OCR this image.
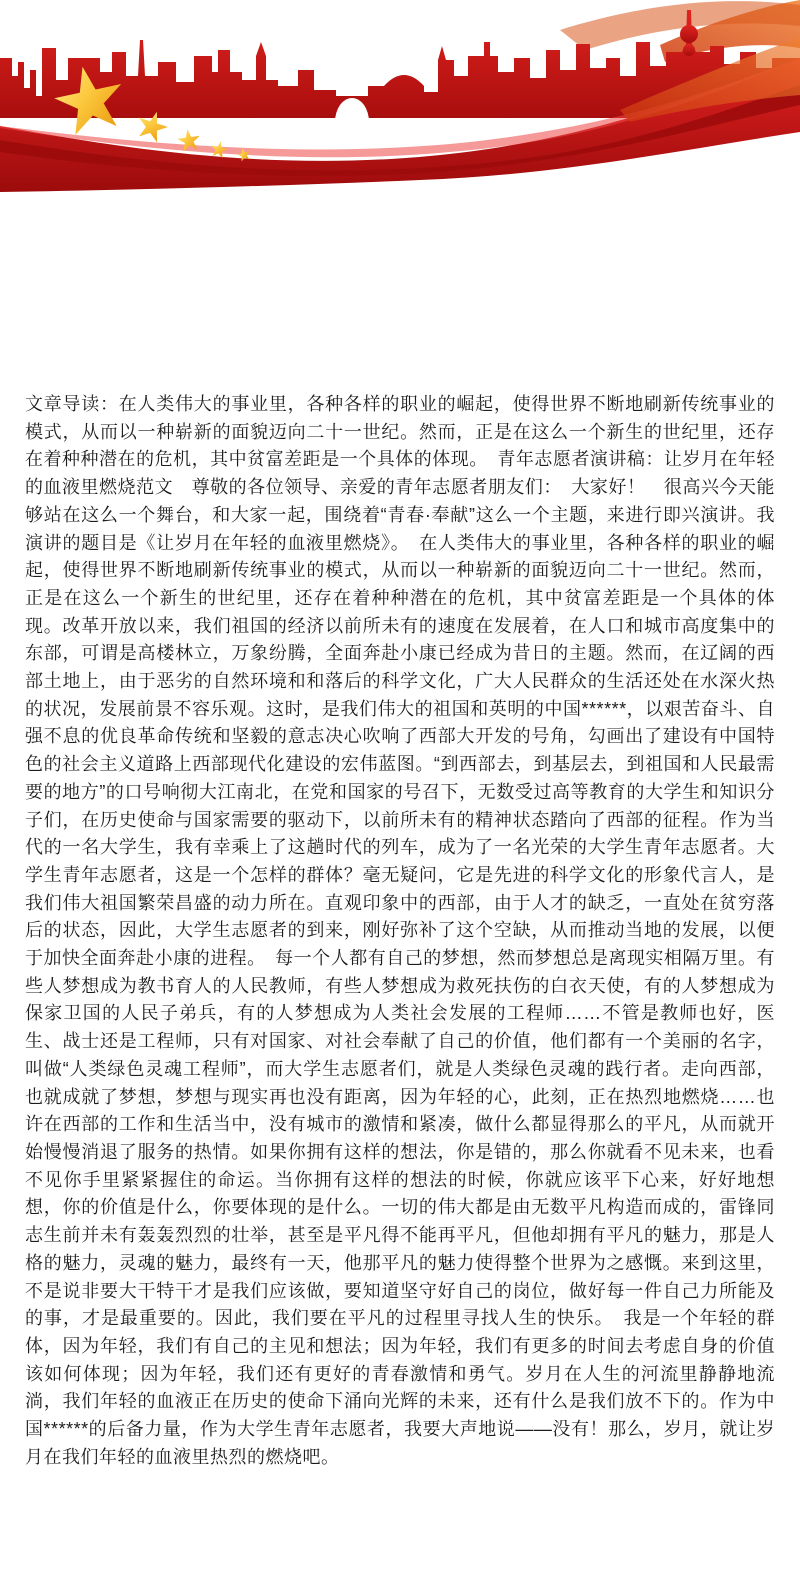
文章导读：在人类伟大的事业里，各种各样的职业的崛起，使得世界不断地刷新传统事业的模式，从而以一种崭新的面貌迈向二十一世纪。然而，正是在这么一个新生的世纪里，还存在着种种潜在的危机，其中贫富差距是一个具体的体现。　青年志愿者演讲稿：让岁月在年轻的血液里燃烧范文　尊敬的各位领导、亲爱的青年志愿者朋友们：　大家好！　很高兴今天能够站在这么一个舞台，和大家一起，围绕着“青春·奉献”这么一个主题，来进行即兴演讲。我演讲的题目是《让岁月在年轻的血液里燃烧》。　在人类伟大的事业里，各种各样的职业的崛起，使得世界不断地刷新传统事业的模式，从而以一种崭新的面貌迈向二十一世纪。然而，正是在这么一个新生的世纪里，还存在着种种潜在的危机，其中贫富差距是一个具体的体现。改革开放以来，我们祖国的经济以前所未有的速度在发展着，在人口和城市高度集中的东部，可谓是高楼林立，万象纷腾，全面奔赴小康已经成为昔日的主题。然而，在辽阔的西部土地上，由于恶劣的自然环境和和落后的科学文化，广大人民群众的生活还处在水深火热的状况，发展前景不容乐观。这时，是我们伟大的祖国和英明的中国******，以艰苦奋斗、自强不息的优良革命传统和坚毅的意志决心吹响了西部大开发的号角，勾画出了建设有中国特色的社会主义道路上西部现代化建设的宏伟蓝图。“到西部去，到基层去，到祖国和人民最需要的地方”的口号响彻大江南北，在党和国家的号召下，无数受过高等教育的大学生和知识分子们，在历史使命与国家需要的驱动下，以前所未有的精神状态踏向了西部的征程。作为当代的一名大学生，我有幸乘上了这趟时代的列车，成为了一名光荣的大学生青年志愿者。大学生青年志愿者，这是一个怎样的群体？毫无疑问，它是先进的科学文化的形象代言人，是我们伟大祖国繁荣昌盛的动力所在。直观印象中的西部，由于人才的缺乏，一直处在贫穷落后的状态，因此，大学生志愿者的到来，刚好弥补了这个空缺，从而推动当地的发展，以便于加快全面奔赴小康的进程。　每一个人都有自己的梦想，然而梦想总是离现实相隔万里。有些人梦想成为教书育人的人民教师，有些人梦想成为救死扶伤的白衣天使，有的人梦想成为保家卫国的人民子弟兵，有的人梦想成为人类社会发展的工程师……不管是教师也好，医生、战士还是工程师，只有对国家、对社会奉献了自己的价值，他们都有一个美丽的名字，叫做“人类绿色灵魂工程师”，而大学生志愿者们，就是人类绿色灵魂的践行者。走向西部，也就成就了梦想，梦想与现实再也没有距离，因为年轻的心，此刻，正在热烈地燃烧……也许在西部的工作和生活当中，没有城市的激情和紧凑，做什么都显得那么的平凡，从而就开始慢慢消退了服务的热情。如果你拥有这样的想法，你是错的，那么你就看不见未来，也看不见你手里紧紧握住的命运。当你拥有这样的想法的时候，你就应该平下心来，好好地想想，你的价值是什么，你要体现的是什么。一切的伟大都是由无数平凡构造而成的，雷锋同志生前并未有轰轰烈烈的壮举，甚至是平凡得不能再平凡，但他却拥有平凡的魅力，那是人格的魅力，灵魂的魅力，最终有一天，他那平凡的魅力使得整个世界为之感慨。来到这里，不是说非要大干特干才是我们应该做，要知道坚守好自己的岗位，做好每一件自己力所能及的事，才是最重要的。因此，我们要在平凡的过程里寻找人生的快乐。　我是一个年轻的群体，因为年轻，我们有自己的主见和想法；因为年轻，我们有更多的时间去考虑自身的价值该如何体现；因为年轻，我们还有更好的青春激情和勇气。岁月在人生的河流里静静地流淌，我们年轻的血液正在历史的使命下涌向光辉的未来，还有什么是我们放不下的。作为中国******的后备力量，作为大学生青年志愿者，我要大声地说——没有！那么，岁月，就让岁月在我们年轻的血液里热烈的燃烧吧。
